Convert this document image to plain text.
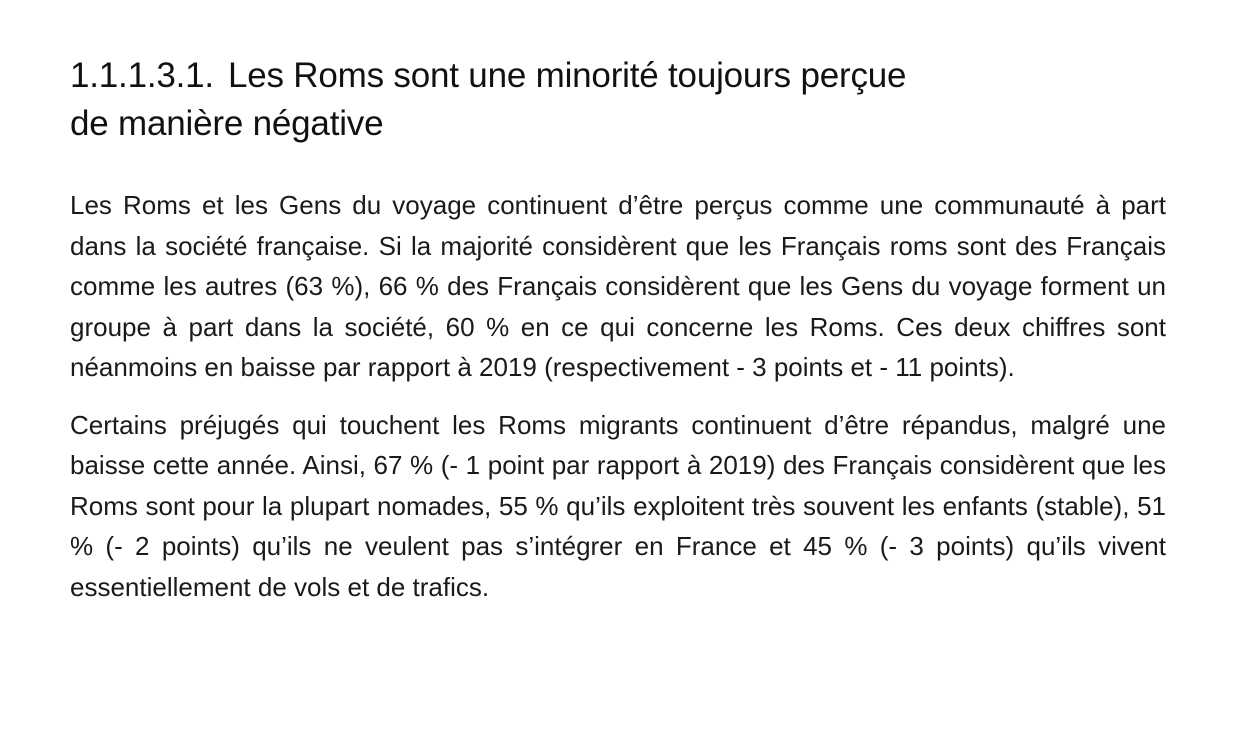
1.1.1.3.1. Les Roms sont une minorité toujours perçue
de manière négative

Les Roms et les Gens du voyage continuent d’être perçus comme une communauté à part dans la société française. Si la majorité considèrent que les Français roms sont des Français comme les autres (63 %), 66 % des Français considèrent que les Gens du voyage forment un groupe à part dans la société, 60 % en ce qui concerne les Roms. Ces deux chiffres sont néanmoins en baisse par rapport à 2019 (respectivement - 3 points et - 11 points).

Certains préjugés qui touchent les Roms migrants continuent d’être répandus, malgré une baisse cette année. Ainsi, 67 % (- 1 point par rapport à 2019) des Français considèrent que les Roms sont pour la plupart nomades, 55 % qu’ils exploitent très souvent les enfants (stable), 51 % (- 2 points) qu’ils ne veulent pas s’intégrer en France et 45 % (- 3 points) qu’ils vivent essentiellement de vols et de trafics.
